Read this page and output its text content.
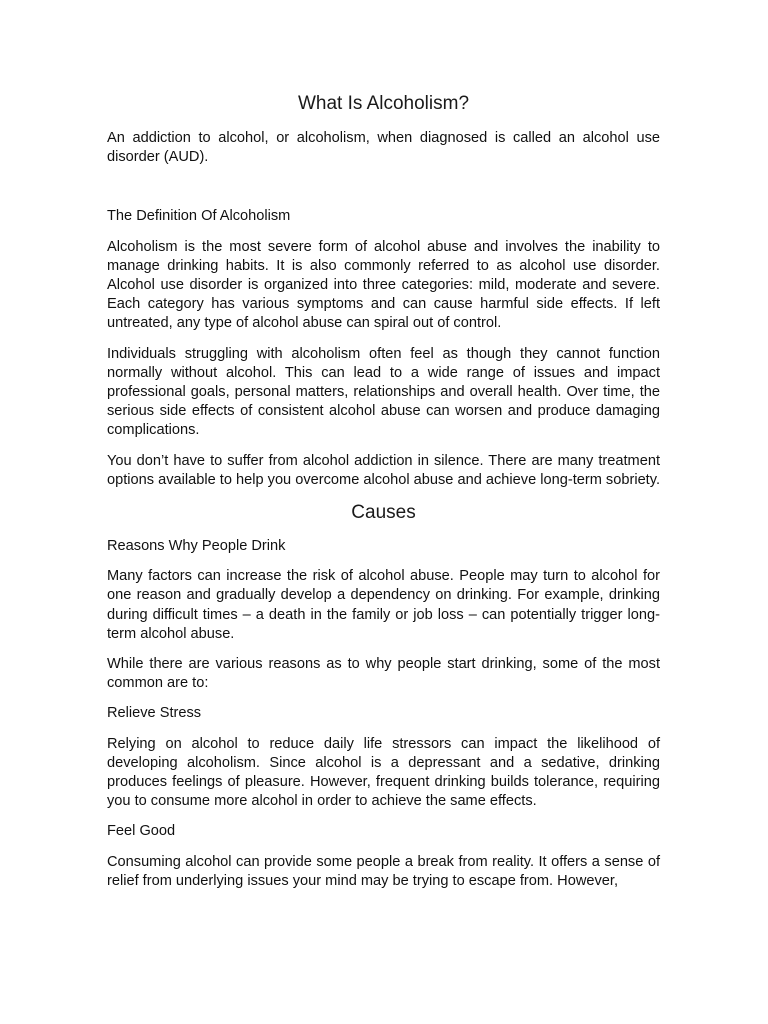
What Is Alcoholism?

An addiction to alcohol, or alcoholism, when diagnosed is called an alcohol use disorder (AUD).

The Definition Of Alcoholism

Alcoholism is the most severe form of alcohol abuse and involves the inability to manage drinking habits. It is also commonly referred to as alcohol use disorder. Alcohol use disorder is organized into three categories: mild, moderate and severe. Each category has various symptoms and can cause harmful side effects. If left untreated, any type of alcohol abuse can spiral out of control.

Individuals struggling with alcoholism often feel as though they cannot function normally without alcohol. This can lead to a wide range of issues and impact professional goals, personal matters, relationships and overall health. Over time, the serious side effects of consistent alcohol abuse can worsen and produce damaging complications.

You don’t have to suffer from alcohol addiction in silence. There are many treatment options available to help you overcome alcohol abuse and achieve long-term sobriety.

Causes

Reasons Why People Drink

Many factors can increase the risk of alcohol abuse. People may turn to alcohol for one reason and gradually develop a dependency on drinking. For example, drinking during difficult times – a death in the family or job loss – can potentially trigger long-term alcohol abuse.

While there are various reasons as to why people start drinking, some of the most common are to:

Relieve Stress

Relying on alcohol to reduce daily life stressors can impact the likelihood of developing alcoholism. Since alcohol is a depressant and a sedative, drinking produces feelings of pleasure. However, frequent drinking builds tolerance, requiring you to consume more alcohol in order to achieve the same effects.

Feel Good

Consuming alcohol can provide some people a break from reality. It offers a sense of relief from underlying issues your mind may be trying to escape from. However,
